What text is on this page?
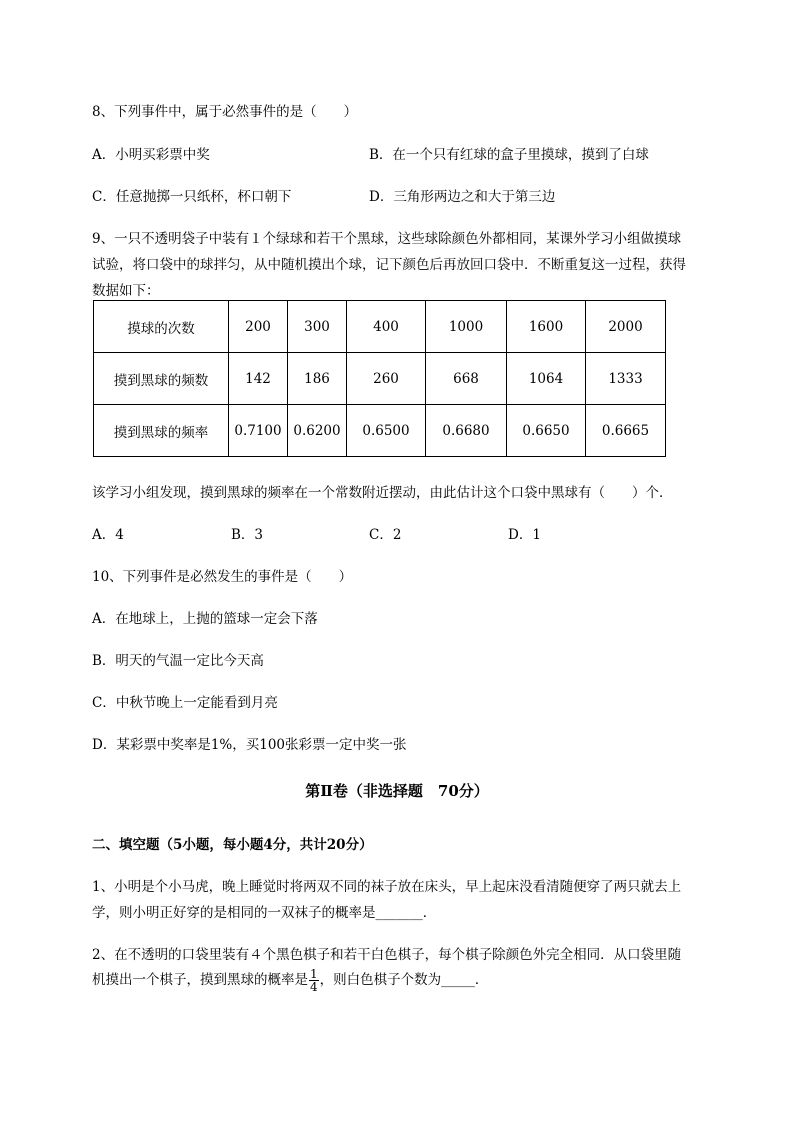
8、下列事件中，属于必然事件的是（　　）
A．小明买彩票中奖	B．在一个只有红球的盒子里摸球，摸到了白球
C．任意抛掷一只纸杯，杯口朝下	D．三角形两边之和大于第三边
9、一只不透明袋子中装有１个绿球和若干个黑球，这些球除颜色外都相同，某课外学习小组做摸球
试验，将口袋中的球拌匀，从中随机摸出个球，记下颜色后再放回口袋中．不断重复这一过程，获得
数据如下：
摸球的次数	200	300	400	1000	1600	2000
摸到黑球的频数	142	186	260	668	1064	1333
摸到黑球的频率	0.7100	0.6200	0.6500	0.6680	0.6650	0.6665
该学习小组发现，摸到黑球的频率在一个常数附近摆动，由此估计这个口袋中黑球有（　　）个．
A．4	B．3	C．2	D．1
10、下列事件是必然发生的事件是（　　）
A．在地球上，上抛的篮球一定会下落
B．明天的气温一定比今天高
C．中秋节晚上一定能看到月亮
D．某彩票中奖率是1%，买100张彩票一定中奖一张
第Ⅱ卷（非选择题　70分）
二、填空题（5小题，每小题4分，共计20分）
1、小明是个小马虎，晚上睡觉时将两双不同的袜子放在床头，早上起床没看清随便穿了两只就去上
学，则小明正好穿的是相同的一双袜子的概率是_______．
2、在不透明的口袋里装有４个黑色棋子和若干白色棋子，每个棋子除颜色外完全相同．从口袋里随
机摸出一个棋子，摸到黑球的概率是 $\frac{1}{4}$ ，则白色棋子个数为_____．
